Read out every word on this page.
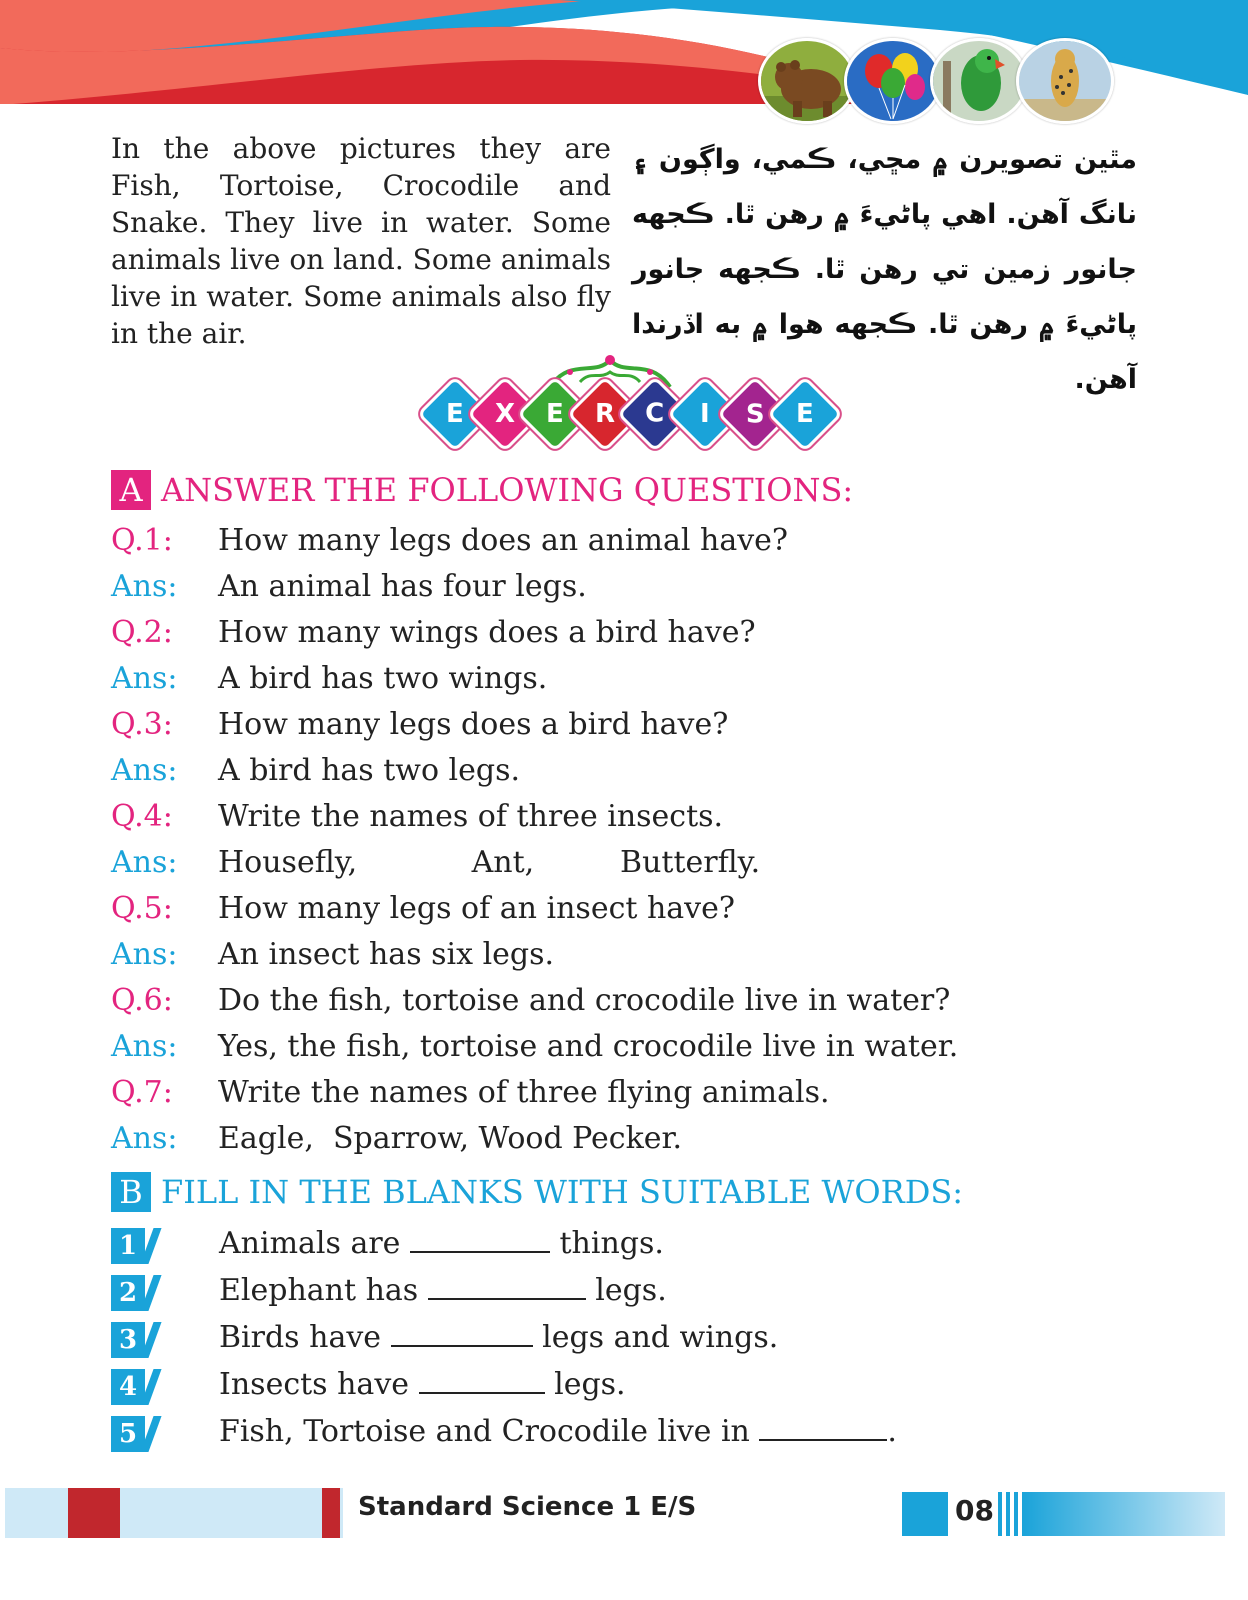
In the above pictures they are Fish, Tortoise, Crocodile and Snake. They live in water. Some animals live on land. Some animals live in water. Some animals also fly in the air.
مٿين تصويرن ۾ مڇي، ڪمي، واڳون ۽ نانگ آهن. اهي پاڻيءَ ۾ رهن ٿا. ڪجهه جانور زمين تي رهن ٿا. ڪجهه جانور پاڻيءَ ۾ رهن ٿا. ڪجهه هوا ۾ به اڏرندا آهن.
E X E R C I S E
A ANSWER THE FOLLOWING QUESTIONS:
Q.1: How many legs does an animal have?
Ans: An animal has four legs.
Q.2: How many wings does a bird have?
Ans: A bird has two wings.
Q.3: How many legs does a bird have?
Ans: A bird has two legs.
Q.4: Write the names of three insects.
Ans: Housefly,            Ant,         Butterfly.
Q.5: How many legs of an insect have?
Ans: An insect has six legs.
Q.6: Do the fish, tortoise and crocodile live in water?
Ans: Yes, the fish, tortoise and crocodile live in water.
Q.7: Write the names of three flying animals.
Ans: Eagle,  Sparrow, Wood Pecker.
B FILL IN THE BLANKS WITH SUITABLE WORDS:
1	Animals are	things.
2	Elephant has	legs.
3	Birds have	legs and wings.
4	Insects have	legs.
5	Fish, Tortoise and Crocodile live in	.
Standard Science 1 E/S	08
